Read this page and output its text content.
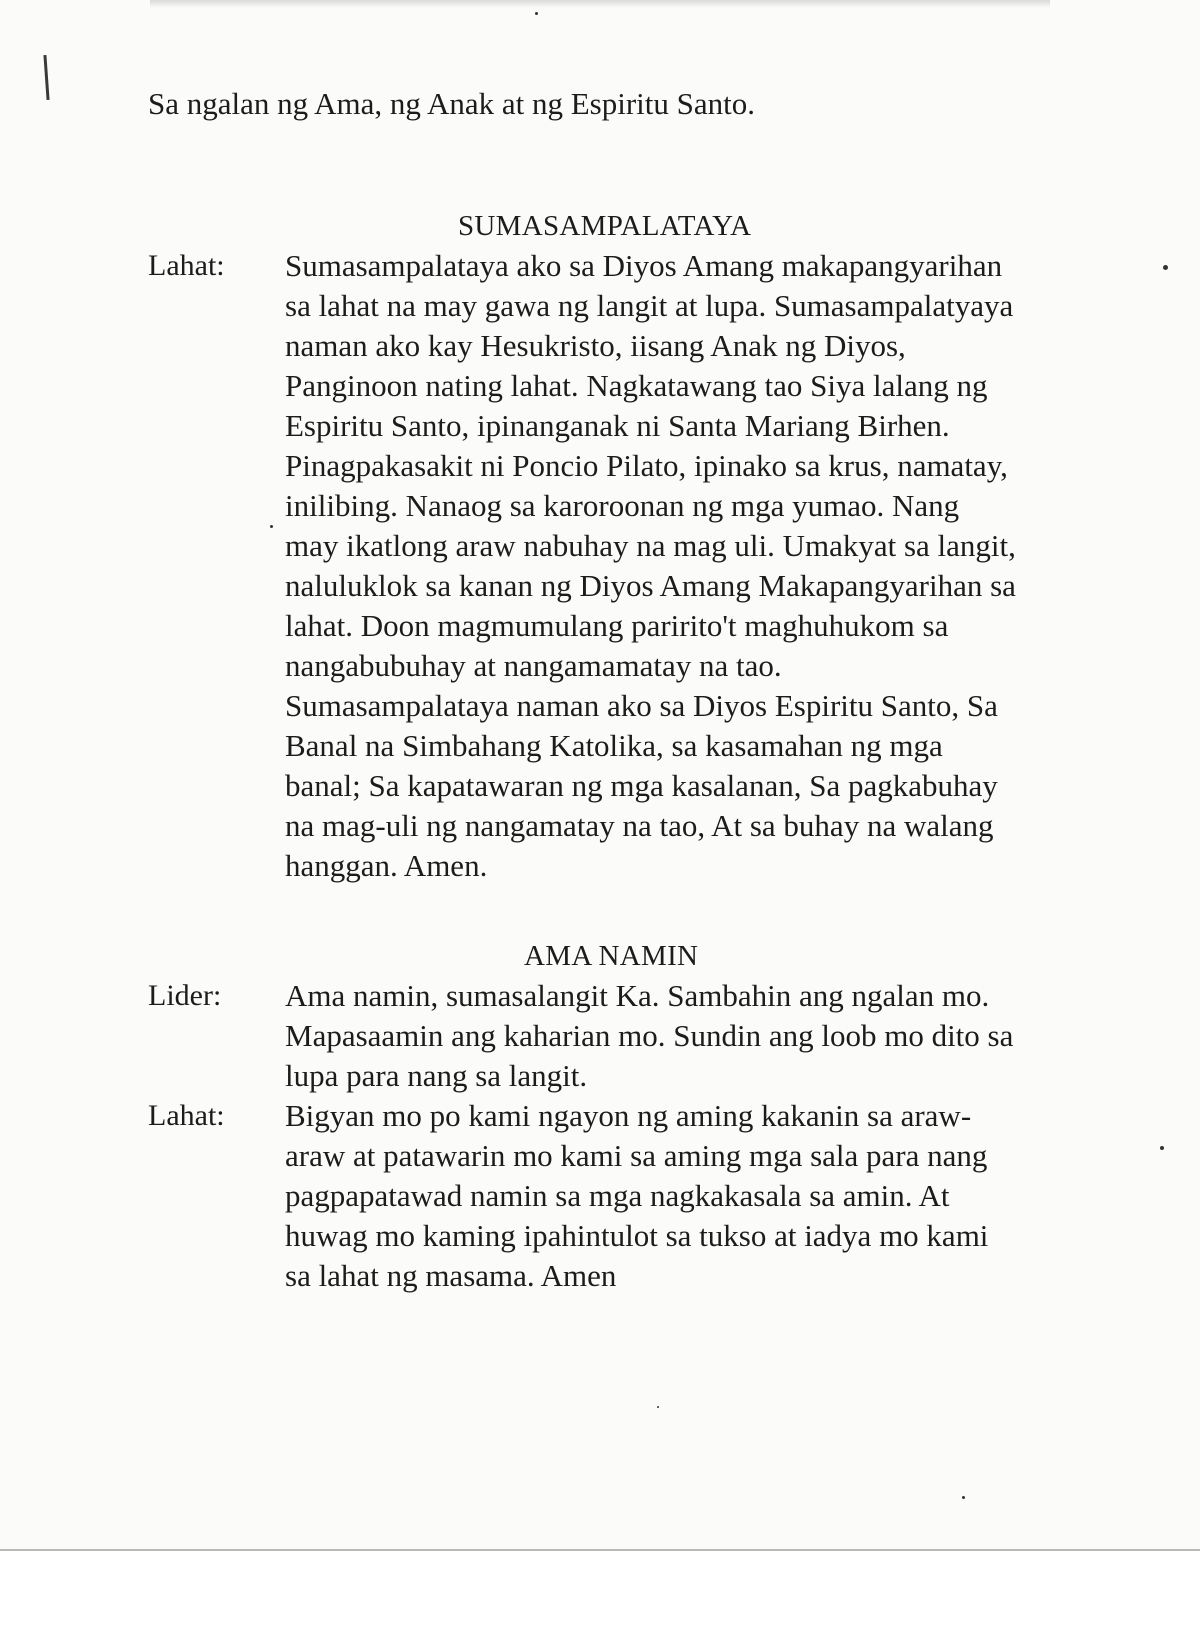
Sa ngalan ng Ama, ng Anak at ng Espiritu Santo.
SUMASAMPALATAYA
Lahat: Sumasampalataya ako sa Diyos Amang makapangyarihan
sa lahat na may gawa ng langit at lupa. Sumasampalatyaya
naman ako kay Hesukristo, iisang Anak ng Diyos,
Panginoon nating lahat. Nagkatawang tao Siya lalang ng
Espiritu Santo, ipinanganak ni Santa Mariang Birhen.
Pinagpakasakit ni Poncio Pilato, ipinako sa krus, namatay,
inilibing. Nanaog sa karoroonan ng mga yumao. Nang
may ikatlong araw nabuhay na mag uli. Umakyat sa langit,
naluluklok sa kanan ng Diyos Amang Makapangyarihan sa
lahat. Doon magmumulang paririto't maghuhukom sa
nangabubuhay at nangamamatay na tao.
Sumasampalataya naman ako sa Diyos Espiritu Santo, Sa
Banal na Simbahang Katolika, sa kasamahan ng mga
banal; Sa kapatawaran ng mga kasalanan, Sa pagkabuhay
na mag-uli ng nangamatay na tao, At sa buhay na walang
hanggan. Amen.
AMA NAMIN
Lider: Ama namin, sumasalangit Ka. Sambahin ang ngalan mo.
Mapasaamin ang kaharian mo. Sundin ang loob mo dito sa
lupa para nang sa langit.
Lahat: Bigyan mo po kami ngayon ng aming kakanin sa araw-
araw at patawarin mo kami sa aming mga sala para nang
pagpapatawad namin sa mga nagkakasala sa amin. At
huwag mo kaming ipahintulot sa tukso at iadya mo kami
sa lahat ng masama. Amen
